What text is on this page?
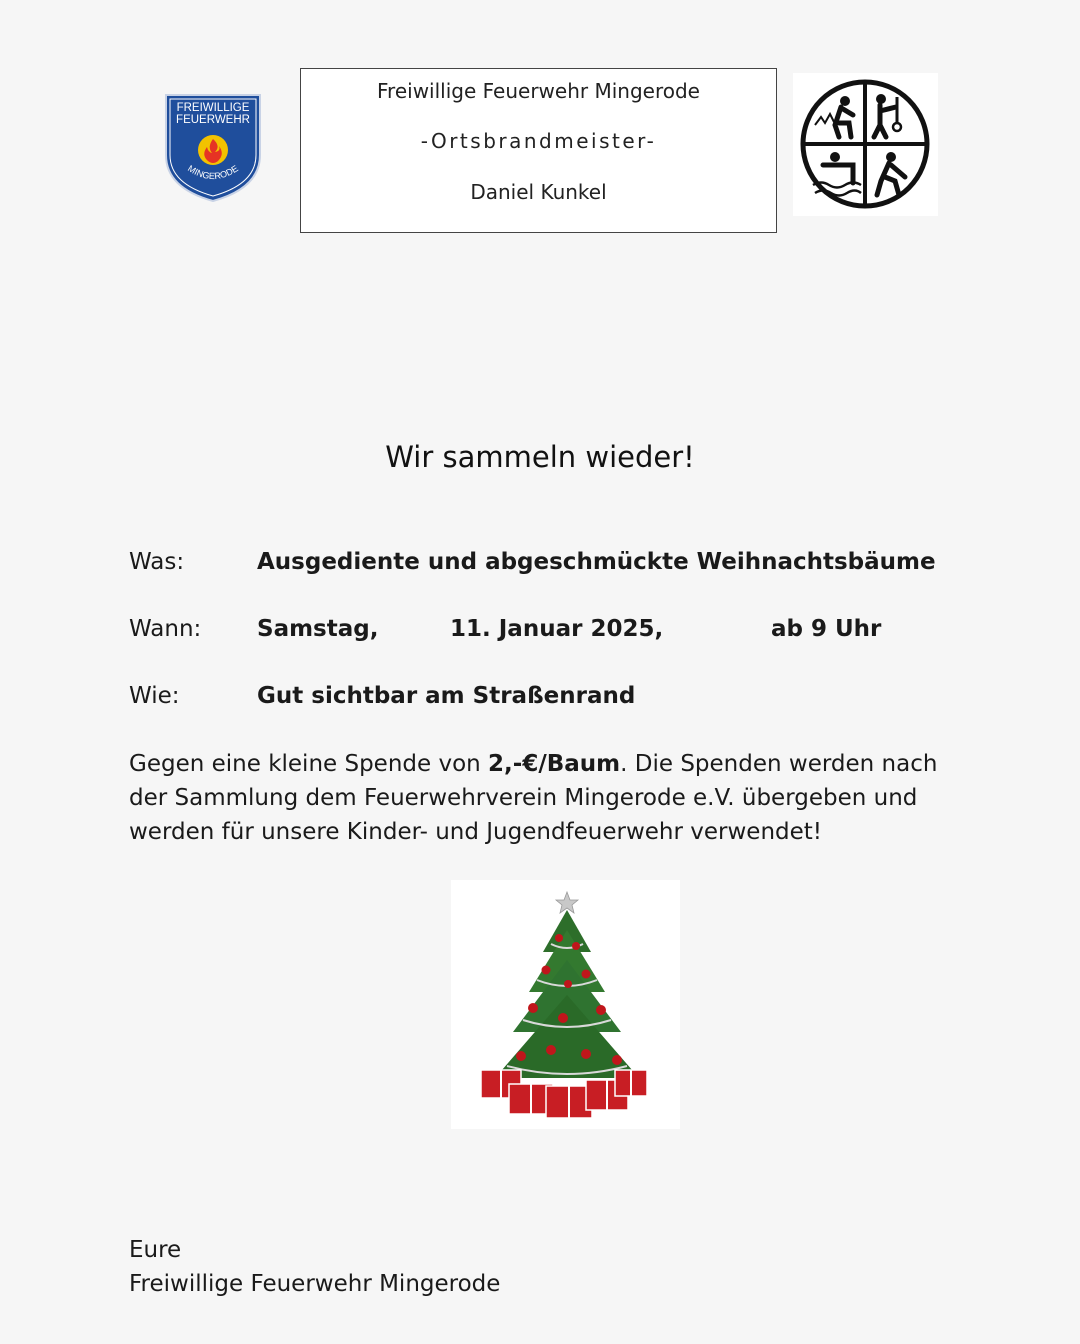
FREIWILLIGE
FEUERWEHR
MINGERODE
Freiwillige Feuerwehr Mingerode
-Ortsbrandmeister-
Daniel Kunkel
Wir sammeln wieder!
Was:	Ausgediente und abgeschmückte Weihnachtsbäume
Wann: Samstag,	11. Januar 2025,	ab 9 Uhr
Wie:	Gut sichtbar am Straßenrand
Gegen eine kleine Spende von 2,-€/Baum. Die Spenden werden nach der Sammlung dem Feuerwehrverein Mingerode e.V. übergeben und werden für unsere Kinder- und Jugendfeuerwehr verwendet!
Eure
Freiwillige Feuerwehr Mingerode
